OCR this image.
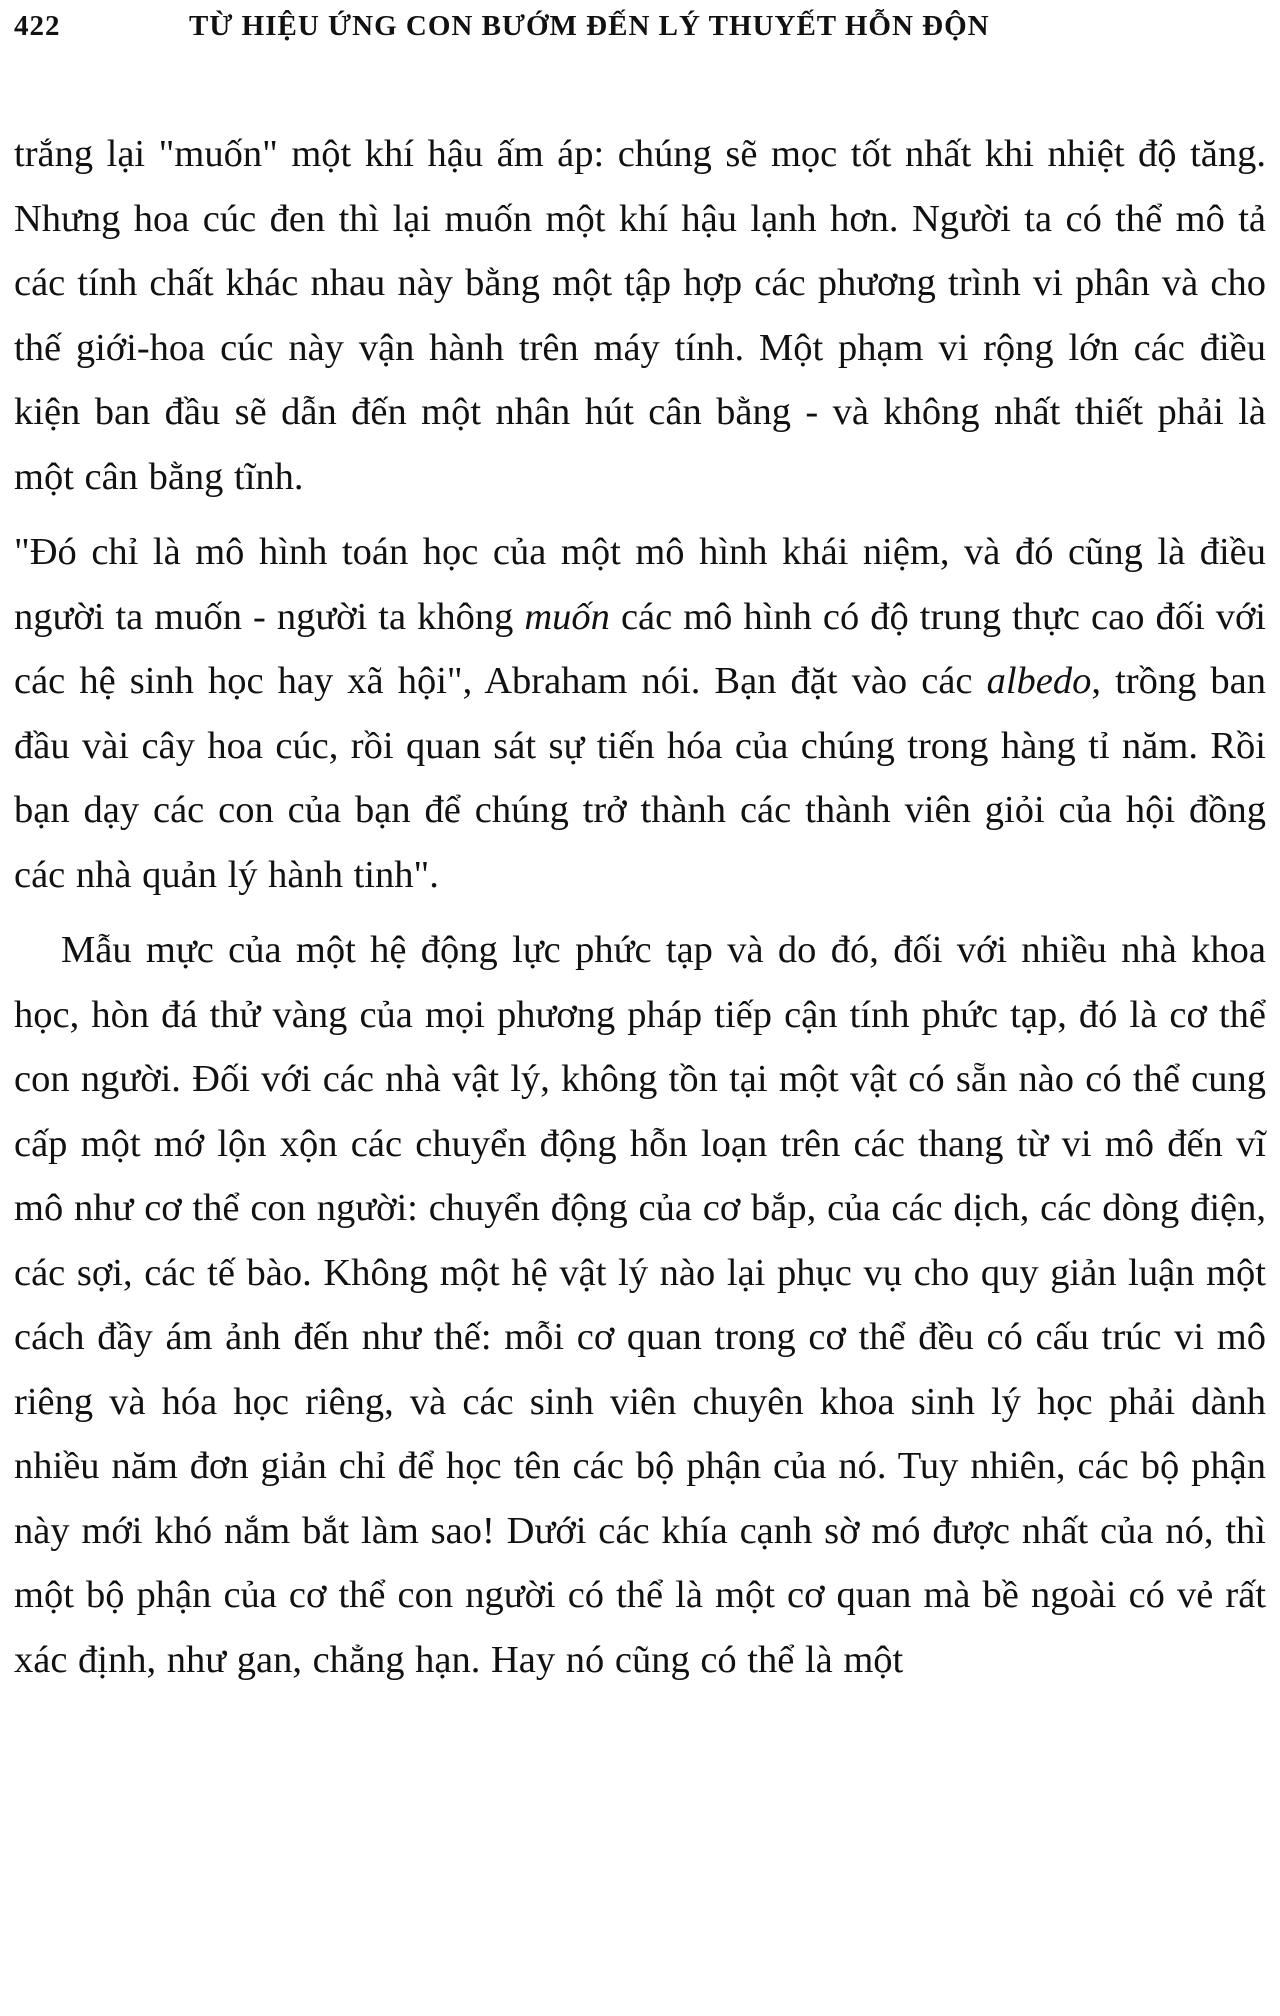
422	TỪ HIỆU ỨNG CON BƯỚM ĐẾN LÝ THUYẾT HỖN ĐỘN

trắng lại "muốn" một khí hậu ấm áp: chúng sẽ mọc tốt nhất khi nhiệt độ tăng. Nhưng hoa cúc đen thì lại muốn một khí hậu lạnh hơn. Người ta có thể mô tả các tính chất khác nhau này bằng một tập hợp các phương trình vi phân và cho thế giới-hoa cúc này vận hành trên máy tính. Một phạm vi rộng lớn các điều kiện ban đầu sẽ dẫn đến một nhân hút cân bằng - và không nhất thiết phải là một cân bằng tĩnh.

"Đó chỉ là mô hình toán học của một mô hình khái niệm, và đó cũng là điều người ta muốn - người ta không muốn các mô hình có độ trung thực cao đối với các hệ sinh học hay xã hội", Abraham nói. Bạn đặt vào các albedo, trồng ban đầu vài cây hoa cúc, rồi quan sát sự tiến hóa của chúng trong hàng tỉ năm. Rồi bạn dạy các con của bạn để chúng trở thành các thành viên giỏi của hội đồng các nhà quản lý hành tinh".

Mẫu mực của một hệ động lực phức tạp và do đó, đối với nhiều nhà khoa học, hòn đá thử vàng của mọi phương pháp tiếp cận tính phức tạp, đó là cơ thể con người. Đối với các nhà vật lý, không tồn tại một vật có sẵn nào có thể cung cấp một mớ lộn xộn các chuyển động hỗn loạn trên các thang từ vi mô đến vĩ mô như cơ thể con người: chuyển động của cơ bắp, của các dịch, các dòng điện, các sợi, các tế bào. Không một hệ vật lý nào lại phục vụ cho quy giản luận một cách đầy ám ảnh đến như thế: mỗi cơ quan trong cơ thể đều có cấu trúc vi mô riêng và hóa học riêng, và các sinh viên chuyên khoa sinh lý học phải dành nhiều năm đơn giản chỉ để học tên các bộ phận của nó. Tuy nhiên, các bộ phận này mới khó nắm bắt làm sao! Dưới các khía cạnh sờ mó được nhất của nó, thì một bộ phận của cơ thể con người có thể là một cơ quan mà bề ngoài có vẻ rất xác định, như gan, chẳng hạn. Hay nó cũng có thể là một
